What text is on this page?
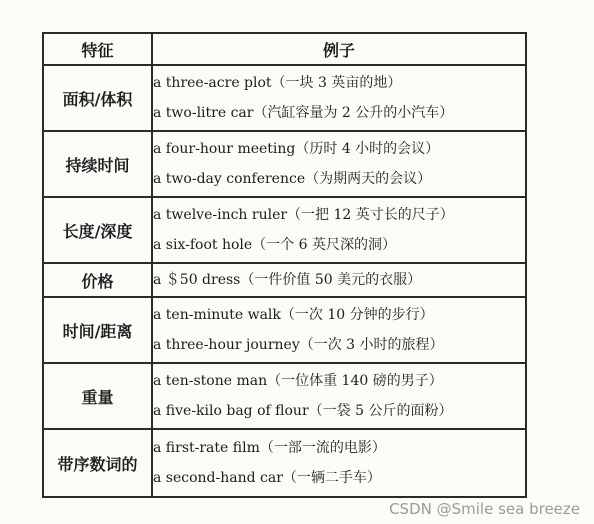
特征	例子
面积/体积	a three-acre plot（一块 3 英亩的地）
a two-litre car（汽缸容量为 2 公升的小汽车）

持续时间	a four-hour meeting（历时 4 小时的会议）
a two-day conference（为期两天的会议）

长度/深度	a twelve-inch ruler（一把 12 英寸长的尺子）
a six-foot hole（一个 6 英尺深的洞）

价格	a ＄50 dress（一件价值 50 美元的衣服）

时间/距离	a ten-minute walk（一次 10 分钟的步行）
a three-hour journey（一次 3 小时的旅程）

重量	a ten-stone man（一位体重 140 磅的男子）
a five-kilo bag of flour（一袋 5 公斤的面粉）

带序数词的	a first-rate film（一部一流的电影）
a second-hand car（一辆二手车）
CSDN @Smile sea breeze
